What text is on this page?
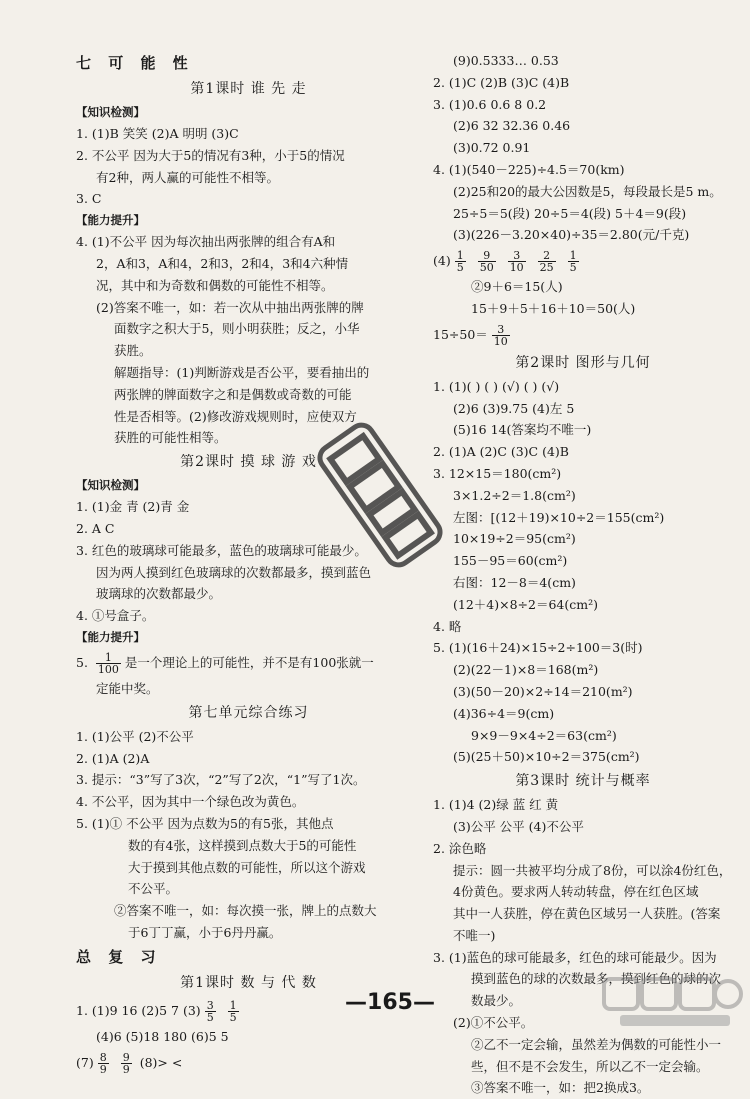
七 可 能 性
第1课时 谁 先 走
【知识检测】
1. (1)B 笑笑 (2)A 明明 (3)C
2. 不公平 因为大于5的情况有3种，小于5的情况
有2种，两人赢的可能性不相等。
3. C
【能力提升】
4. (1)不公平 因为每次抽出两张牌的组合有A和
2，A和3，A和4，2和3，2和4，3和4六种情
况，其中和为奇数和偶数的可能性不相等。
(2)答案不唯一，如：若一次从中抽出两张牌的牌
面数字之积大于5，则小明获胜；反之，小华
获胜。
解题指导：(1)判断游戏是否公平，要看抽出的
两张牌的牌面数字之和是偶数或奇数的可能
性是否相等。(2)修改游戏规则时，应使双方
获胜的可能性相等。
第2课时 摸 球 游 戏
【知识检测】
1. (1)金 青 (2)青 金
2. A C
3. 红色的玻璃球可能最多，蓝色的玻璃球可能最少。
因为两人摸到红色玻璃球的次数都最多，摸到蓝色
玻璃球的次数都最少。
4. ①号盒子。
【能力提升】
5. $\frac{1}{100}$ 是一个理论上的可能性，并不是有100张就一
定能中奖。
第七单元综合练习
1. (1)公平 (2)不公平
2. (1)A (2)A
3. 提示：“3”写了3次，“2”写了2次，“1”写了1次。
4. 不公平，因为其中一个绿色改为黄色。
5. (1)① 不公平 因为点数为5的有5张，其他点
数的有4张，这样摸到点数大于5的可能性
大于摸到其他点数的可能性，所以这个游戏
不公平。
②答案不唯一，如：每次摸一张，牌上的点数大
于6丁丁赢，小于6丹丹赢。
总 复 习
第1课时 数 与 代 数
1. (1)9 16 (2)5 7 $(3) \frac{3}{5}$
$\frac{1}{5}$
(4)6 (5)18 180 (6)5 5
$(7) \frac{8}{9}$
$\frac{9}{9} (8)>$ <
(9)0.5333… 0.53
2. (1)C (2)B (3)C (4)B
3. (1)0.6 0.6 8 0.2
(2)6 32 32.36 0.46
(3)0.72 0.91
4. (1)(540－225)÷4.5＝70(km)
(2)25和20的最大公因数是5，每段最长是5 m。
25÷5＝5(段) 20÷5＝4(段) 5＋4＝9(段)
(3)(226－3.20×40)÷35＝2.80(元/千克)
$(4) \frac{1}{5}$
$\frac{9}{50}$
$\frac{3}{10}$
$\frac{2}{25}$
$\frac{1}{5}$
②9＋6＝15(人)
15＋9＋5＋16＋10＝50(人)
$15\div 50= \frac{3}{10}$
第2课时 图形与几何
1. (1)( ) ( ) (√) ( ) (√)
(2)6 (3)9.75 (4)左 5
(5)16 14(答案均不唯一)
2. (1)A (2)C (3)C (4)B
3. 12×15＝180(cm²)
3×1.2÷2＝1.8(cm²)
左图：[(12＋19)×10÷2＝155(cm²)
10×19÷2＝95(cm²)
155－95＝60(cm²)
右图：12－8＝4(cm)
(12＋4)×8÷2＝64(cm²)
4. 略
5. (1)(16＋24)×15÷2÷100＝3(时)
(2)(22－1)×8＝168(m²)
(3)(50－20)×2÷14＝210(m²)
(4)36÷4＝9(cm)
9×9－9×4÷2＝63(cm²)
(5)(25＋50)×10÷2＝375(cm²)
第3课时 统计与概率
1. (1)4 (2)绿 蓝 红 黄
(3)公平 公平 (4)不公平
2. 涂色略
提示：圆一共被平均分成了8份，可以涂4份红色，
4份黄色。要求两人转动转盘，停在红色区域
其中一人获胜，停在黄色区域另一人获胜。(答案
不唯一)
3. (1)蓝色的球可能最多，红色的球可能最少。因为
摸到蓝色的球的次数最多，摸到红色的球的次
数最少。
(2)①不公平。
②乙不一定会输，虽然差为偶数的可能性小一
些，但不是不会发生，所以乙不一定会输。
③答案不唯一，如：把2换成3。
—165—
